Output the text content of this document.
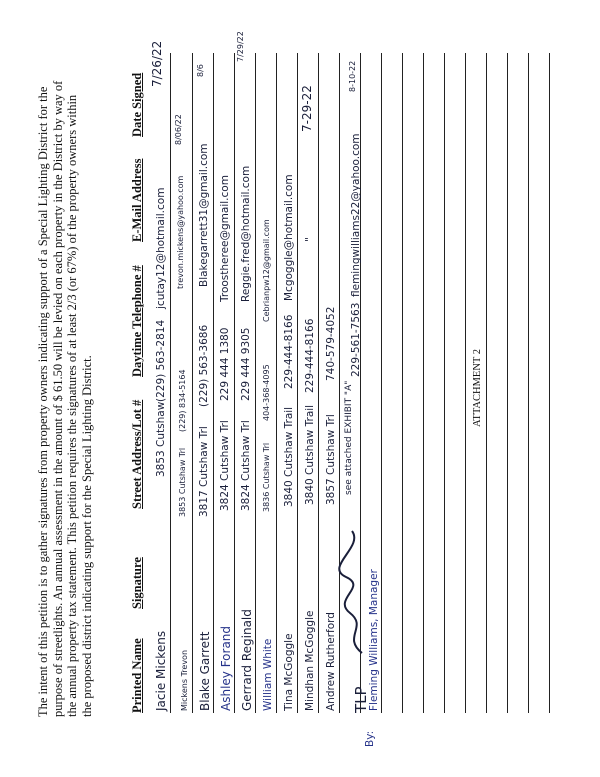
The intent of this petition is to gather signatures from property owners indicating support of a Special Lighting District for the purpose of streetlights. An annual assessment in the amount of $ 61.50 will be levied on each property in the District by way of the annual property tax statement. This petition requires the signatures of at least 2/3 (or 67%) of the property owners within the proposed district indicating support for the Special Lighting District.	Printed Name
Signature
Street Address/Lot #
Daytime Telephone #
E-Mail Address
Date Signed
Jacie Mickens
3853 Cutshaw
(229) 563-2814
jcutay12@hotmail.com
7/26/22
Mickens Trevon
3853 Cutshaw Trl
(229) 834-5164
trevon.mickens@yahoo.com
8/06/22
Blake Garrett
3817 Cutshaw Trl
(229) 563-3686
Blakegarrett31@gmail.com
8/6
Ashley Forand
3824 Cutshaw Trl
229 444 1380
Troostheree@gmail.com
Gerrard Reginald
3824 Cutshaw Trl
229 444 9305
Reggie.fred@hotmail.com
7/29/22
William White
3836 Cutshaw Trl
404-368-4095
Cebrianpw12@gmail.com
Tina McGoggle
3840 Cutshaw Trail
229-444-8166
Mcgoggle@hotmail.com
Mindhan McGoggle
3840 Cutshaw Trail
229-444-8166
"
7-29-22
Andrew Rutherford
3857 Cutshaw Trl
740-579-4052
TLP
see attached EXHIBIT "A"
229-561-7563
flemingwilliams22@yahoo.com
8-10-22
By:
Fleming Williams, Manager
ATTACHMENT 2
